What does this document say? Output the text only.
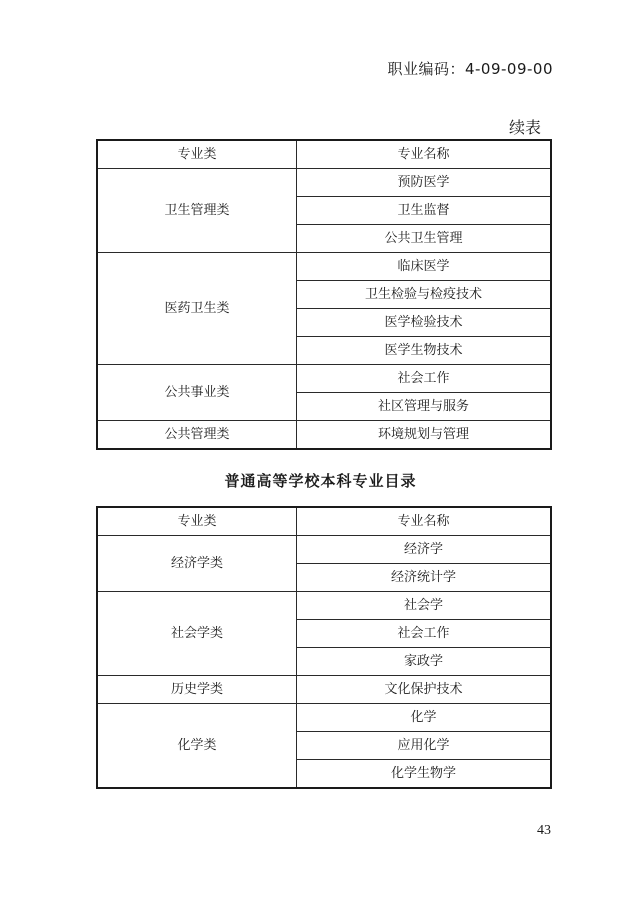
职业编码：4-09-09-00
续表
专业类	专业名称
卫生管理类	预防医学
	卫生监督
	公共卫生管理
医药卫生类	临床医学
	卫生检验与检疫技术
	医学检验技术
	医学生物技术
公共事业类	社会工作
	社区管理与服务
公共管理类	环境规划与管理
普通高等学校本科专业目录
专业类	专业名称
经济学类	经济学
	经济统计学
社会学类	社会学
	社会工作
	家政学
历史学类	文化保护技术
化学类	化学
	应用化学
	化学生物学
43
